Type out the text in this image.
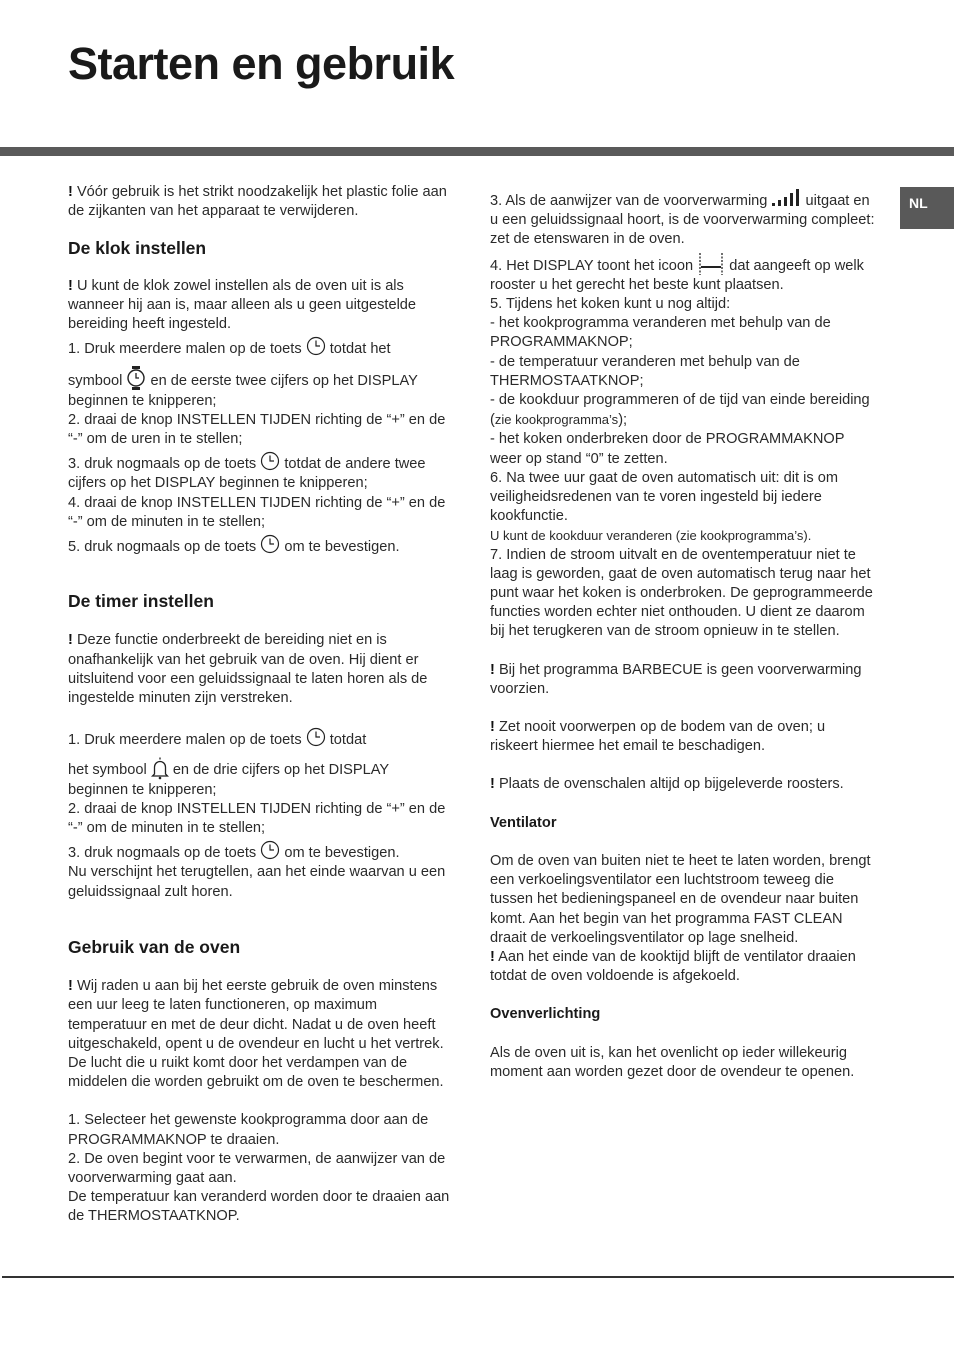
Starten en gebruik
NL

! Vóór gebruik is het strikt noodzakelijk het plastic folie aan de zijkanten van het apparaat te verwijderen.

De klok instellen

! U kunt de klok zowel instellen als de oven uit is als wanneer hij aan is, maar alleen als u geen uitgestelde bereiding heeft ingesteld.

1. Druk meerdere malen op de toets totdat het

symbool en de eerste twee cijfers op het DISPLAY beginnen te knipperen;

2. draai de knop INSTELLEN TIJDEN richting de “+” en de “-” om de uren in te stellen;

3. druk nogmaals op de toets totdat de andere twee cijfers op het DISPLAY beginnen te knipperen;

4. draai de knop INSTELLEN TIJDEN richting de “+” en de “-” om de minuten in te stellen;

5. druk nogmaals op de toets om te bevestigen.

De timer instellen

! Deze functie onderbreekt de bereiding niet en is onafhankelijk van het gebruik van de oven. Hij dient er uitsluitend voor een geluidssignaal te laten horen als de ingestelde minuten zijn verstreken.

1. Druk meerdere malen op de toets totdat

het symbool en de drie cijfers op het DISPLAY beginnen te knipperen;

2. draai de knop INSTELLEN TIJDEN richting de “+” en de “-” om de minuten in te stellen;

3. druk nogmaals op de toets om te bevestigen.

Nu verschijnt het terugtellen, aan het einde waarvan u een geluidssignaal zult horen.

Gebruik van de oven

! Wij raden u aan bij het eerste gebruik de oven minstens een uur leeg te laten functioneren, op maximum temperatuur en met de deur dicht. Nadat u de oven heeft uitgeschakeld, opent u de ovendeur en lucht u het vertrek. De lucht die u ruikt komt door het verdampen van de middelen die worden gebruikt om de oven te beschermen.

1. Selecteer het gewenste kookprogramma door aan de PROGRAMMAKNOP te draaien.

2. De oven begint voor te verwarmen, de aanwijzer van de voorverwarming gaat aan.

De temperatuur kan veranderd worden door te draaien aan de THERMOSTAATKNOP.

3. Als de aanwijzer van de voorverwarming	uitgaat en u een geluidssignaal hoort, is de voorverwarming compleet: zet de etenswaren in de oven.

4. Het DISPLAY toont het icoon dat aangeeft op welk rooster u het gerecht het beste kunt plaatsen.

5. Tijdens het koken kunt u nog altijd:

- het kookprogramma veranderen met behulp van de PROGRAMMAKNOP;

- de temperatuur veranderen met behulp van de THERMOSTAATKNOP;

- de kookduur programmeren of de tijd van einde bereiding (zie kookprogramma’s);

- het koken onderbreken door de PROGRAMMAKNOP weer op stand “0” te zetten.

6. Na twee uur gaat de oven automatisch uit: dit is om veiligheidsredenen van te voren ingesteld bij iedere kookfunctie.

U kunt de kookduur veranderen (zie kookprogramma’s).

7. Indien de stroom uitvalt en de oventemperatuur niet te laag is geworden, gaat de oven automatisch terug naar het punt waar het koken is onderbroken. De geprogrammeerde functies worden echter niet onthouden. U dient ze daarom bij het terugkeren van de stroom opnieuw in te stellen.

! Bij het programma BARBECUE is geen voorverwarming voorzien.

! Zet nooit voorwerpen op de bodem van de oven; u riskeert hiermee het email te beschadigen.

! Plaats de ovenschalen altijd op bijgeleverde roosters.

Ventilator

Om de oven van buiten niet te heet te laten worden, brengt een verkoelingsventilator een luchtstroom teweeg die tussen het bedieningspaneel en de ovendeur naar buiten komt. Aan het begin van het programma FAST CLEAN draait de verkoelingsventilator op lage snelheid.

! Aan het einde van de kooktijd blijft de ventilator draaien totdat de oven voldoende is afgekoeld.

Ovenverlichting

Als de oven uit is, kan het ovenlicht op ieder willekeurig moment aan worden gezet door de ovendeur te openen.
